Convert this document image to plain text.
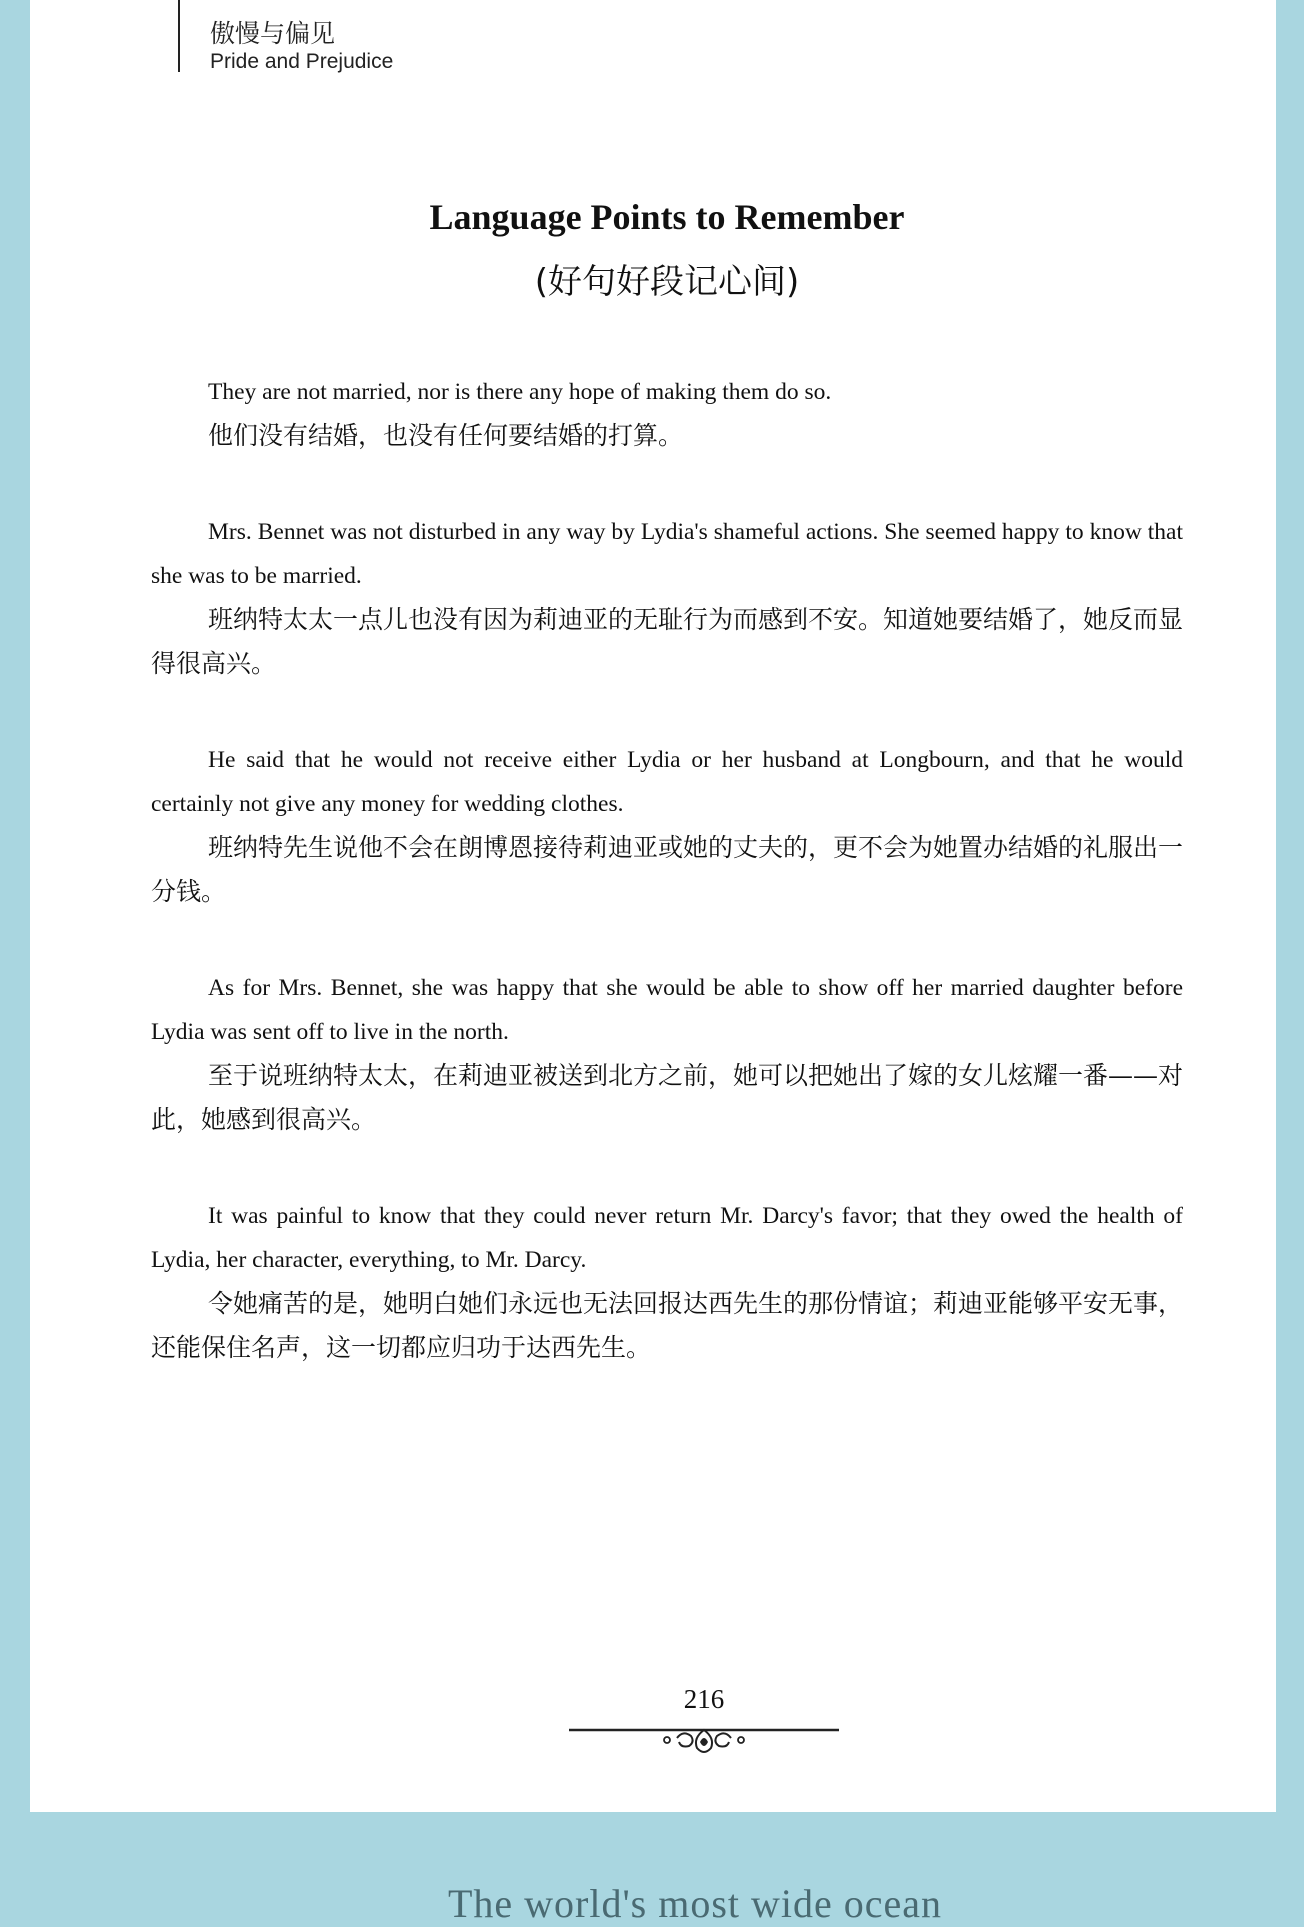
傲慢与偏见
Pride and Prejudice
Language Points to Remember
(好句好段记心间)

They are not married, nor is there any hope of making them do so.

他们没有结婚，也没有任何要结婚的打算。

Mrs. Bennet was not disturbed in any way by Lydia's shameful actions. She seemed happy to know that she was to be married.

班纳特太太一点儿也没有因为莉迪亚的无耻行为而感到不安。知道她要结婚了，她反而显得很高兴。

He said that he would not receive either Lydia or her husband at Longbourn, and that he would certainly not give any money for wedding clothes.

班纳特先生说他不会在朗博恩接待莉迪亚或她的丈夫的，更不会为她置办结婚的礼服出一分钱。

As for Mrs. Bennet, she was happy that she would be able to show off her married daughter before Lydia was sent off to live in the north.

至于说班纳特太太，在莉迪亚被送到北方之前，她可以把她出了嫁的女儿炫耀一番——对此，她感到很高兴。

It was painful to know that they could never return Mr. Darcy's favor; that they owed the health of Lydia, her character, everything, to Mr. Darcy.

令她痛苦的是，她明白她们永远也无法回报达西先生的那份情谊；莉迪亚能够平安无事，还能保住名声，这一切都应归功于达西先生。

216
The world's most wide ocean
